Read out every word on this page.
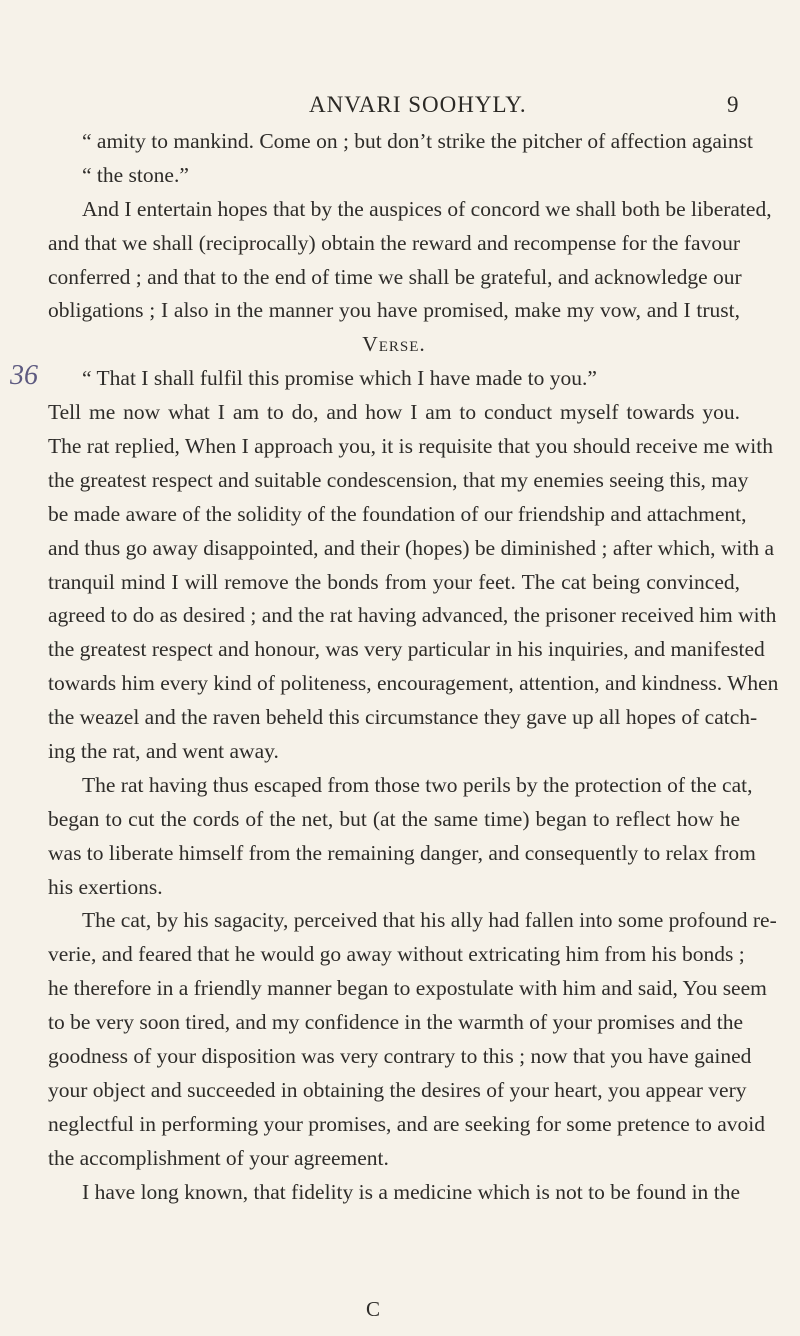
ANVARI SOOHYLY.	9
36
“ amity to mankind. Come on ; but don’t strike the pitcher of affection against
“ the stone.”
And I entertain hopes that by the auspices of concord we shall both be liberated,
and that we shall (reciprocally) obtain the reward and recompense for the favour
conferred ; and that to the end of time we shall be grateful, and acknowledge our
obligations ; I also in the manner you have promised, make my vow, and I trust,
Verse.
“ That I shall fulfil this promise which I have made to you.”
Tell me now what I am to do, and how I am to conduct myself towards you.
The rat replied, When I approach you, it is requisite that you should receive me with
the greatest respect and suitable condescension, that my enemies seeing this, may
be made aware of the solidity of the foundation of our friendship and attachment,
and thus go away disappointed, and their (hopes) be diminished ; after which, with a
tranquil mind I will remove the bonds from your feet. The cat being convinced,
agreed to do as desired ; and the rat having advanced, the prisoner received him with
the greatest respect and honour, was very particular in his inquiries, and manifested
towards him every kind of politeness, encouragement, attention, and kindness. When
the weazel and the raven beheld this circumstance they gave up all hopes of catch-
ing the rat, and went away.
The rat having thus escaped from those two perils by the protection of the cat,
began to cut the cords of the net, but (at the same time) began to reflect how he
was to liberate himself from the remaining danger, and consequently to relax from
his exertions.
The cat, by his sagacity, perceived that his ally had fallen into some profound re-
verie, and feared that he would go away without extricating him from his bonds ;
he therefore in a friendly manner began to expostulate with him and said, You seem
to be very soon tired, and my confidence in the warmth of your promises and the
goodness of your disposition was very contrary to this ; now that you have gained
your object and succeeded in obtaining the desires of your heart, you appear very
neglectful in performing your promises, and are seeking for some pretence to avoid
the accomplishment of your agreement.
I have long known, that fidelity is a medicine which is not to be found in the
C
